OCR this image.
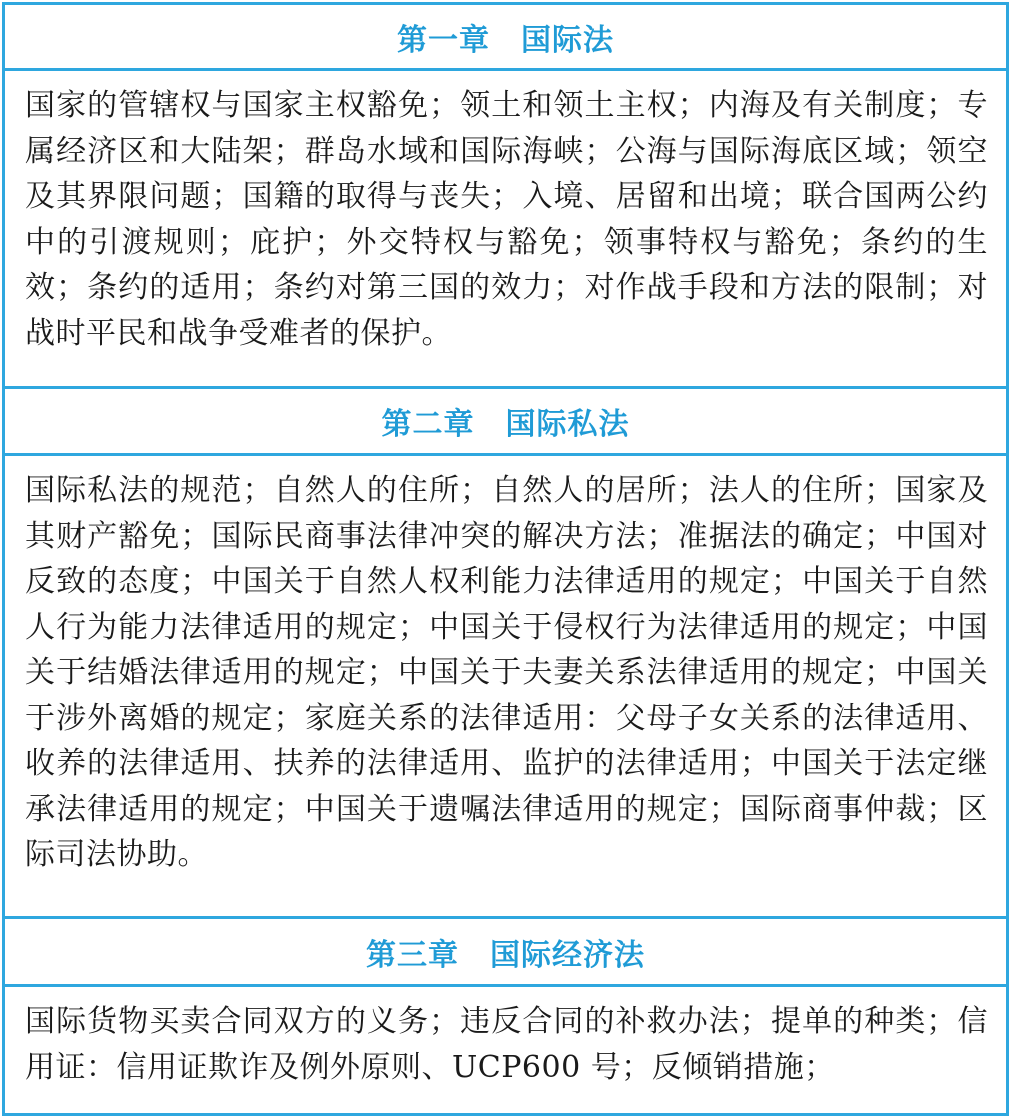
第一章　国际法
国家的管辖权与国家主权豁免；领土和领土主权；内海及有关制度；专属经济区和大陆架；群岛水域和国际海峡；公海与国际海底区域；领空及其界限问题；国籍的取得与丧失；入境、居留和出境；联合国两公约中的引渡规则；庇护；外交特权与豁免；领事特权与豁免；条约的生效；条约的适用；条约对第三国的效力；对作战手段和方法的限制；对战时平民和战争受难者的保护。
第二章　国际私法
国际私法的规范；自然人的住所；自然人的居所；法人的住所；国家及其财产豁免；国际民商事法律冲突的解决方法；准据法的确定；中国对反致的态度；中国关于自然人权利能力法律适用的规定；中国关于自然人行为能力法律适用的规定；中国关于侵权行为法律适用的规定；中国关于结婚法律适用的规定；中国关于夫妻关系法律适用的规定；中国关于涉外离婚的规定；家庭关系的法律适用：父母子女关系的法律适用、收养的法律适用、扶养的法律适用、监护的法律适用；中国关于法定继承法律适用的规定；中国关于遗嘱法律适用的规定；国际商事仲裁；区际司法协助。
第三章　国际经济法
国际货物买卖合同双方的义务；违反合同的补救办法；提单的种类；信用证：信用证欺诈及例外原则、UCP600 号；反倾销措施；
